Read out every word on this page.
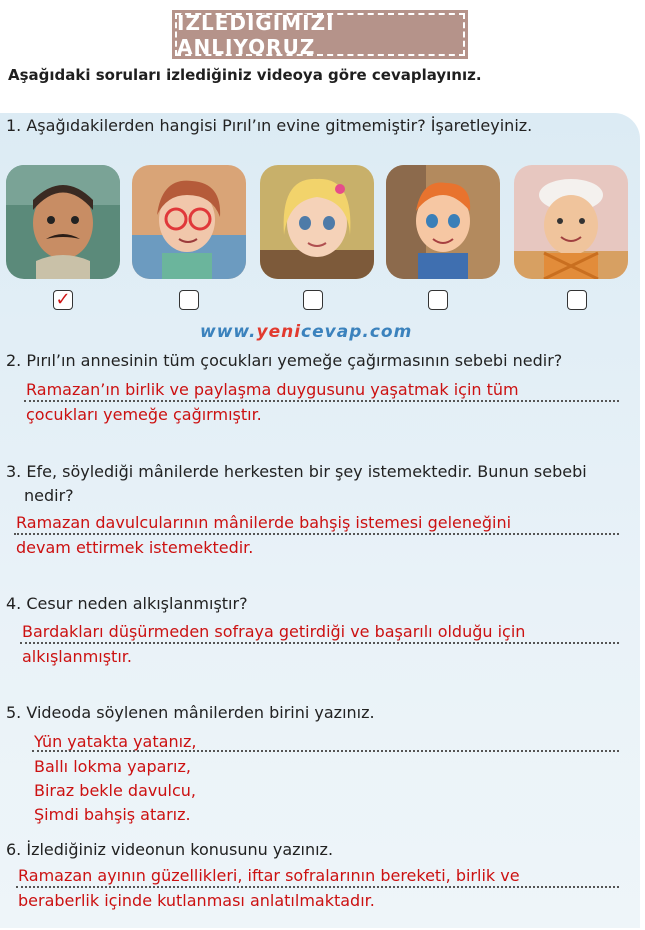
İZLEDİĞİMİZİ ANLIYORUZ
Aşağıdaki soruları izlediğiniz videoya göre cevaplayınız.
1. Aşağıdakilerden hangisi Pırıl’ın evine gitmemiştir? İşaretleyiniz.
✓
www.yenicevap.com
2. Pırıl’ın annesinin tüm çocukları yemeğe çağırmasının sebebi nedir?
Ramazan’ın birlik ve paylaşma duygusunu yaşatmak için tüm
çocukları yemeğe çağırmıştır.
3. Efe, söylediği mânilerde herkesten bir şey istemektedir. Bunun sebebi
nedir?
Ramazan davulcularının mânilerde bahşiş istemesi geleneğini
devam ettirmek istemektedir.
4. Cesur neden alkışlanmıştır?
Bardakları düşürmeden sofraya getirdiği ve başarılı olduğu için
alkışlanmıştır.
5. Videoda söylenen mânilerden birini yazınız.
Yün yatakta yatanız,
Ballı lokma yaparız,
Biraz bekle davulcu,
Şimdi bahşiş atarız.
6. İzlediğiniz videonun konusunu yazınız.
Ramazan ayının güzellikleri, iftar sofralarının bereketi, birlik ve
beraberlik içinde kutlanması anlatılmaktadır.
